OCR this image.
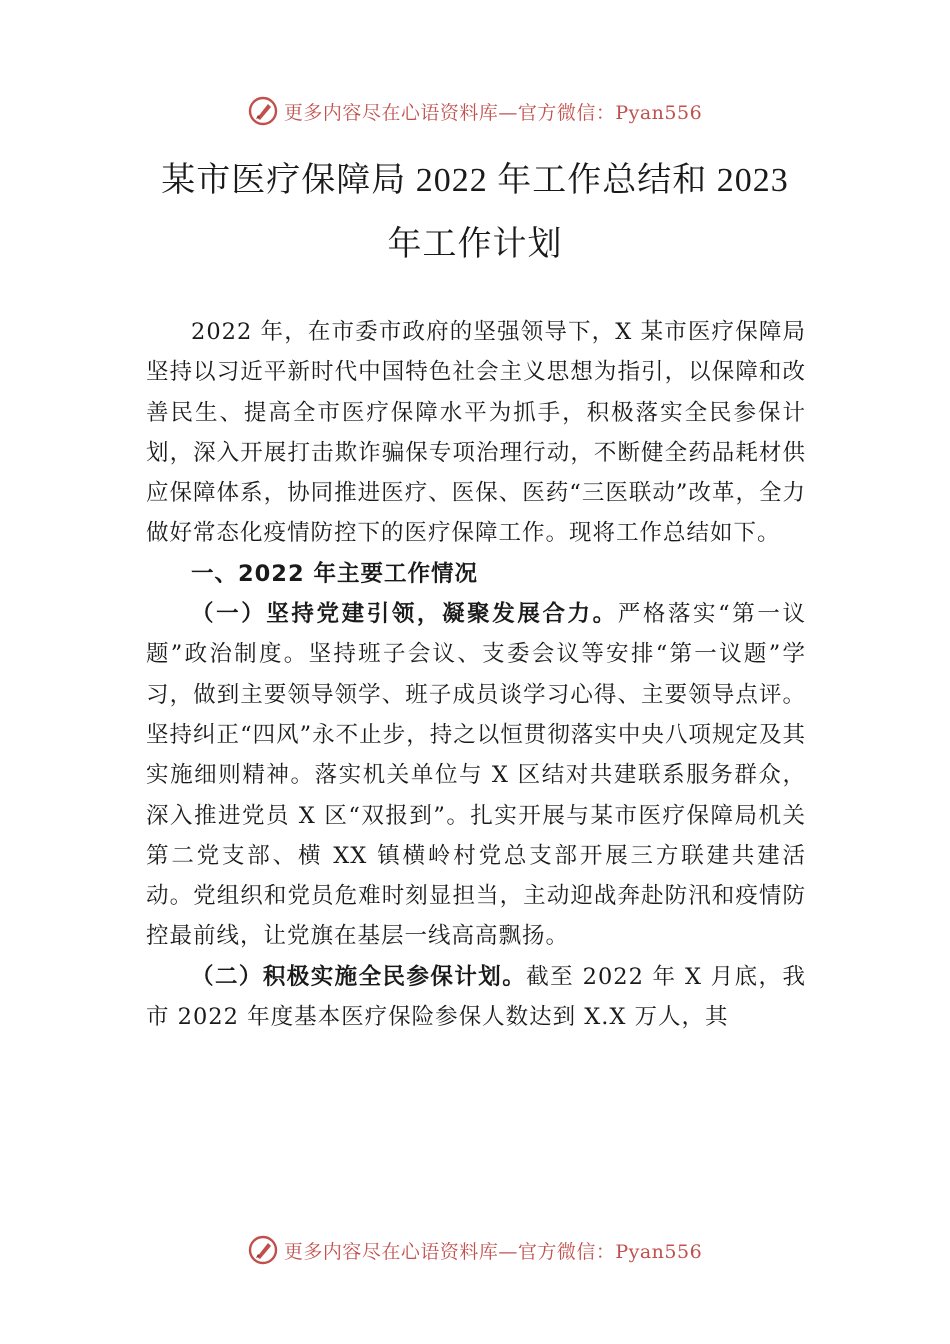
更多内容尽在心语资料库—官方微信：Pyan556
某市医疗保障局 2022 年工作总结和 2023
年工作计划

2022 年，在市委市政府的坚强领导下，X 某市医疗保障局坚持以习近平新时代中国特色社会主义思想为指引，以保障和改善民生、提高全市医疗保障水平为抓手，积极落实全民参保计划，深入开展打击欺诈骗保专项治理行动，不断健全药品耗材供应保障体系，协同推进医疗、医保、医药“三医联动”改革，全力做好常态化疫情防控下的医疗保障工作。现将工作总结如下。

一、2022 年主要工作情况

（一）坚持党建引领，凝聚发展合力。严格落实“第一议题”政治制度。坚持班子会议、支委会议等安排“第一议题”学习，做到主要领导领学、班子成员谈学习心得、主要领导点评。坚持纠正“四风”永不止步，持之以恒贯彻落实中央八项规定及其实施细则精神。落实机关单位与 X 区结对共建联系服务群众，深入推进党员 X 区“双报到”。扎实开展与某市医疗保障局机关第二党支部、横 XX 镇横岭村党总支部开展三方联建共建活动。党组织和党员危难时刻显担当，主动迎战奔赴防汛和疫情防控最前线，让党旗在基层一线高高飘扬。

（二）积极实施全民参保计划。截至 2022 年 X 月底，我市 2022 年度基本医疗保险参保人数达到 X.X 万人，其

更多内容尽在心语资料库—官方微信：Pyan556
